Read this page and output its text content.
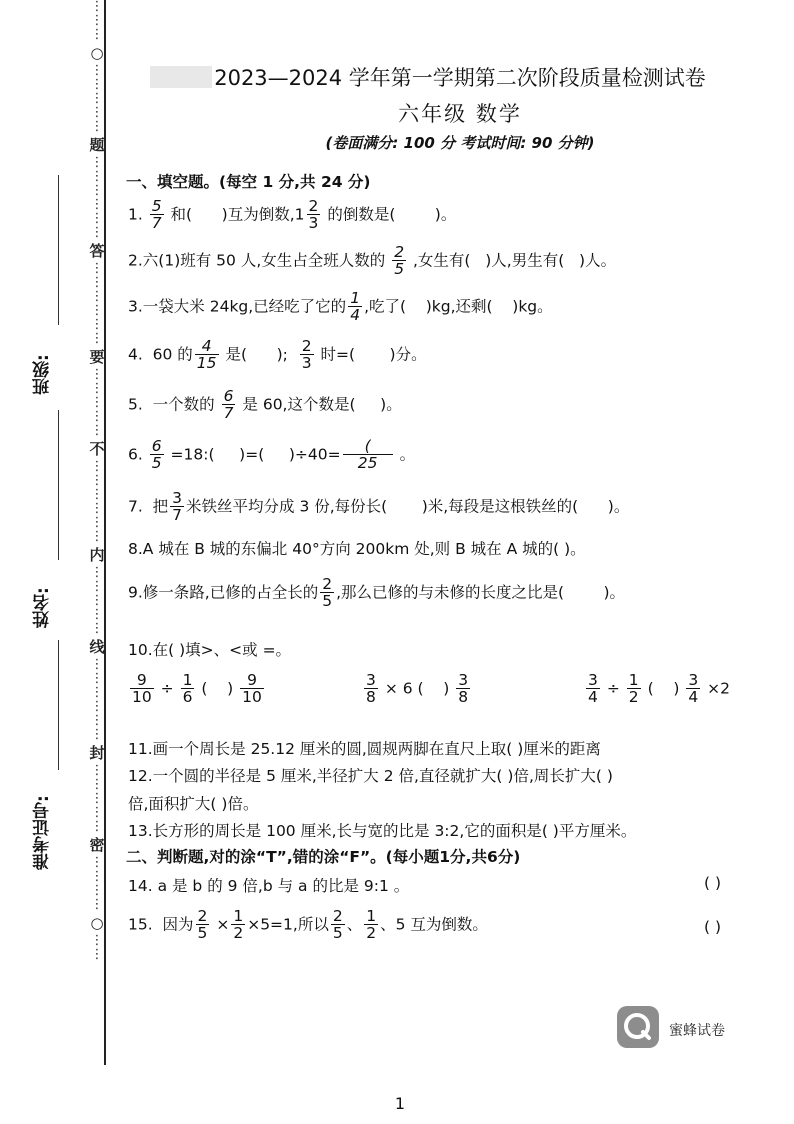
⋮
⋮
⋮
○
⋮
⋮
⋮
⋮
⋮
题
⋮
⋮
⋮
⋮
⋮
⋮
答
⋮
⋮
⋮
⋮
⋮
⋮
要
⋮
⋮
⋮
⋮
⋮
不
⋮
⋮
⋮
⋮
⋮
⋮
内
⋮
⋮
⋮
⋮
⋮
线
⋮
⋮
⋮
⋮
⋮
⋮
封
⋮
⋮
⋮
⋮
⋮
密
⋮
⋮
⋮
⋮
○
⋮
⋮
班级:
姓名:
准考证号:
2023—2024 学年第一学期第二次阶段质量检测试卷
六年级 数学
(卷面满分: 100 分 考试时间: 90 分钟)
一、填空题。(每空 1 分,共 24 分)
1. $\frac{5}{7}$ 和(      )互为倒数$,1 \frac{2}{3}$ 的倒数是(        )。
2.六(1)班有 50 人,女生占全班人数的 $\frac{2}{5}$ ,女生有(   )人,男生有(   )人。
3.一袋大米 24kg,已经吃了它的 $\frac{1}{4}$ ,吃了(    )kg,还剩(    )kg。
4.  60 的 $\frac{4}{15}$ 是(      ); $\frac{2}{3}$ 时=(       )分。
5.  一个数的 $\frac{6}{7}$ 是 60,这个数是(     )。
6. $\frac{6}{5}$ =18:(     )=(     )$\div 40= \frac{(}{25}$ 。
7.  把 $\frac{3}{7}$ 米铁丝平均分成 3 份,每份长(       )米,每段是这根铁丝的(      )。
8.A 城在 B 城的东偏北 40°方向 200km 处,则 B 城在 A 城的( )。
9.修一条路,已修的占全长的 $\frac{2}{5}$ ,那么已修的与未修的长度之比是(        )。
10.在( )填>、<或 =。
$\frac{9}{10} \div \frac{1}{6}$ (    ) $\frac{9}{10}$	$\frac{3}{8} \times 6$ (    ) $\frac{3}{8}$	$\frac{3}{4} \div \frac{1}{2}$ (    ) $\frac{3}{4} \times 2$
11.画一个周长是 25.12 厘米的圆,圆规两脚在直尺上取( )厘米的距离
12.一个圆的半径是 5 厘米,半径扩大 2 倍,直径就扩大( )倍,周长扩大( )
倍,面积扩大( )倍。
13.长方形的周长是 100 厘米,长与宽的比是 3:2,它的面积是( )平方厘米。
二、判断题,对的涂“T”,错的涂“F”。(每小题1分,共6分)
14. a 是 b 的 9 倍,b 与 a 的比是 9:1 。	( )
15.  因为 $\frac{2}{5} \times \frac{1}{2} \times 5=1$,所以 $\frac{2}{5}$ 、 $\frac{1}{2}$ 、5 互为倒数。	( )
蜜蜂试卷
1
